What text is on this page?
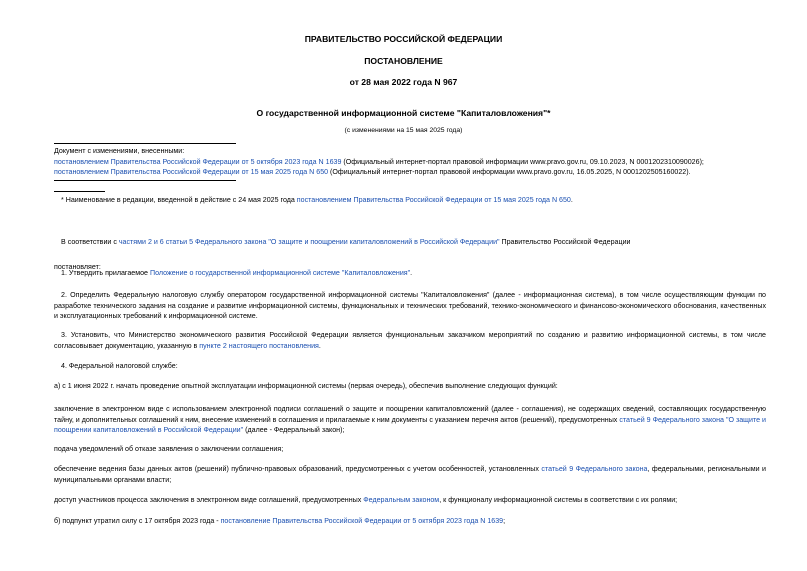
ПРАВИТЕЛЬСТВО РОССИЙСКОЙ ФЕДЕРАЦИИ
ПОСТАНОВЛЕНИЕ
от 28 мая 2022 года N 967
О государственной информационной системе "Капиталовложения"*
(с изменениями на 15 мая 2025 года)
Документ с изменениями, внесенными:
постановлением Правительства Российской Федерации от 5 октября 2023 года N 1639 (Официальный интернет-портал правовой информации www.pravo.gov.ru, 09.10.2023, N 0001202310090026);
постановлением Правительства Российской Федерации от 15 мая 2025 года N 650 (Официальный интернет-портал правовой информации www.pravo.gov.ru, 16.05.2025, N 0001202505160022).
* Наименование в редакции, введенной в действие с 24 мая 2025 года постановлением Правительства Российской Федерации от 15 мая 2025 года N 650.
В соответствии с частями 2 и 6 статьи 5 Федерального закона "О защите и поощрении капиталовложений в Российской Федерации" Правительство Российской Федерации
постановляет:
1. Утвердить прилагаемое Положение о государственной информационной системе "Капиталовложения".
2. Определить Федеральную налоговую службу оператором государственной информационной системы "Капиталовложения" (далее - информационная система), в том числе осуществляющим функции по разработке технического задания на создание и развитие информационной системы, функциональных и технических требований, технико-экономического и финансово-экономического обоснования, качественных и эксплуатационных требований к информационной системе.
3. Установить, что Министерство экономического развития Российской Федерации является функциональным заказчиком мероприятий по созданию и развитию информационной системы, в том числе согласовывает документацию, указанную в пункте 2 настоящего постановления.
4. Федеральной налоговой службе:
а) с 1 июня 2022 г. начать проведение опытной эксплуатации информационной системы (первая очередь), обеспечив выполнение следующих функций:
заключение в электронном виде с использованием электронной подписи соглашений о защите и поощрении капиталовложений (далее - соглашения), не содержащих сведений, составляющих государственную тайну, и дополнительных соглашений к ним, внесение изменений в соглашения и прилагаемые к ним документы с указанием перечня актов (решений), предусмотренных статьей 9 Федерального закона "О защите и поощрении капиталовложений в Российской Федерации" (далее - Федеральный закон);
подача уведомлений об отказе заявления о заключении соглашения;
обеспечение ведения базы данных актов (решений) публично-правовых образований, предусмотренных с учетом особенностей, установленных статьей 9 Федерального закона, федеральными, региональными и муниципальными органами власти;
доступ участников процесса заключения в электронном виде соглашений, предусмотренных Федеральным законом, к функционалу информационной системы в соответствии с их ролями;
б) подпункт утратил силу с 17 октября 2023 года - постановление Правительства Российской Федерации от 5 октября 2023 года N 1639;
